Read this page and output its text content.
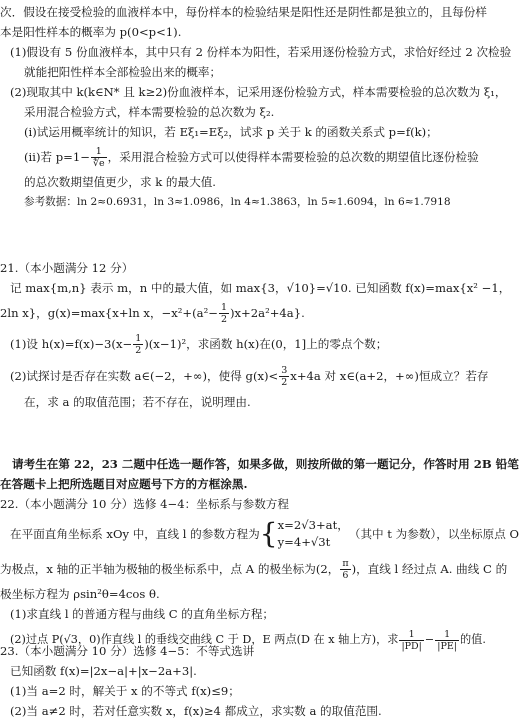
次．假设在接受检验的血液样本中，每份样本的检验结果是阳性还是阴性都是独立的，且每份样
本是阳性样本的概率为 p(0<p<1).
(1)假设有 5 份血液样本，其中只有 2 份样本为阳性，若采用逐份检验方式，求恰好经过 2 次检验
就能把阳性样本全部检验出来的概率；
(2)现取其中 k(k∈N* 且 k≥2)份血液样本，记采用逐份检验方式，样本需要检验的总次数为 ξ₁，
采用混合检验方式，样本需要检验的总次数为 ξ₂.
(ⅰ)试运用概率统计的知识，若 Eξ₁=Eξ₂，试求 p 关于 k 的函数关系式 p=f(k)；
(ⅱ)若 $p=1- \frac{1}{∜e}$ ，采用混合检验方式可以使得样本需要检验的总次数的期望值比逐份检验
的总次数期望值更少，求 k 的最大值.
参考数据：ln 2≈0.6931，ln 3≈1.0986，ln 4≈1.3863，ln 5≈1.6094，ln 6≈1.7918
21.（本小题满分 12 分）
记 max{m,n} 表示 m，n 中的最大值，如 max{3，√10}=√10. 已知函数 f(x)=max{x² −1，
2ln x}，g(x)=max{x+ln x，$-x^2+(a^2- \frac{1}{2} )x+2a^2+4a$}.
(1)设 $h(x)=f(x)-3(x- \frac{1}{2} )(x-1)^2$，求函数 h(x)在(0，1]上的零点个数；
(2)试探讨是否存在实数 a∈(−2，+∞)，使得 $g(x)< \frac{3}{2} x+4a$ 对 x∈(a+2，+∞)恒成立？若存
在，求 a 的取值范围；若不存在，说明理由.
请考生在第 22，23 二题中任选一题作答，如果多做，则按所做的第一题记分，作答时用 2B 铅笔
在答题卡上把所选题目对应题号下方的方框涂黑.
22.（本小题满分 10 分）选修 4−4：坐标系与参数方程
在平面直角坐标系 xOy 中，直线 l 的参数方程为 { x=2√3+at，
y=4+√3t
（其中 t 为参数），以坐标原点 O
为极点，x 轴的正半轴为极轴的极坐标系中，点 A 的极坐标为(2， $\frac{\pi}{6}$ )，直线 l 经过点 A. 曲线 C 的
极坐标方程为 ρsin²θ=4cos θ.
(1)求直线 l 的普通方程与曲线 C 的直角坐标方程；
(2)过点 P(√3，0)作直线 l 的垂线交曲线 C 于 D，E 两点(D 在 x 轴上方)，求 $\frac{1}{|PD|} - \frac{1}{|PE|}$ 的值.
23.（本小题满分 10 分）选修 4−5：不等式选讲
已知函数 f(x)=|2x−a|+|x−2a+3|.
(1)当 a=2 时，解关于 x 的不等式 f(x)≤9；
(2)当 a≠2 时，若对任意实数 x，f(x)≥4 都成立，求实数 a 的取值范围.
